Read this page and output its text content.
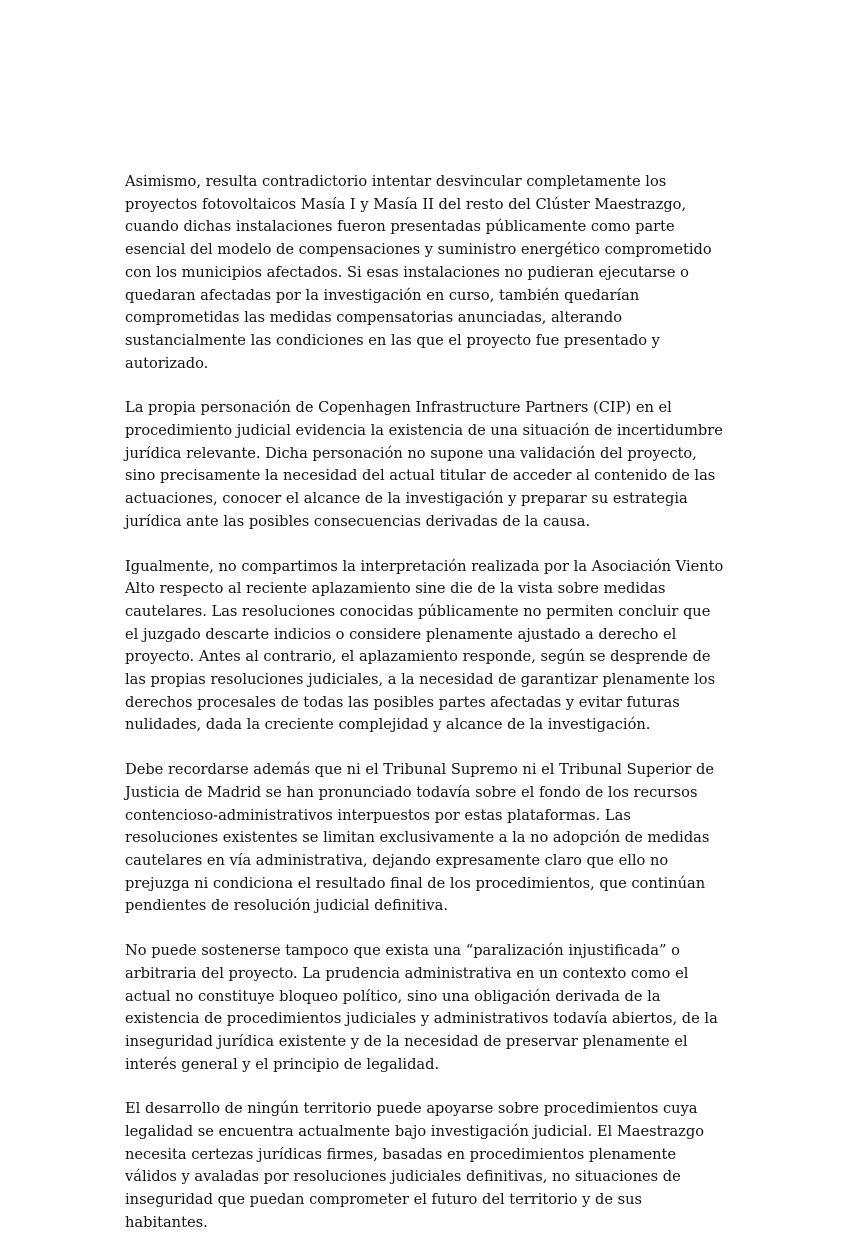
Asimismo, resulta contradictorio intentar desvincular completamente los proyectos fotovoltaicos Masía I y Masía II del resto del Clúster Maestrazgo, cuando dichas instalaciones fueron presentadas públicamente como parte esencial del modelo de compensaciones y suministro energético comprometido con los municipios afectados. Si esas instalaciones no pudieran ejecutarse o quedaran afectadas por la investigación en curso, también quedarían comprometidas las medidas compensatorias anunciadas, alterando sustancialmente las condiciones en las que el proyecto fue presentado y autorizado.

La propia personación de Copenhagen Infrastructure Partners (CIP) en el procedimiento judicial evidencia la existencia de una situación de incertidumbre jurídica relevante. Dicha personación no supone una validación del proyecto, sino precisamente la necesidad del actual titular de acceder al contenido de las actuaciones, conocer el alcance de la investigación y preparar su estrategia jurídica ante las posibles consecuencias derivadas de la causa.

Igualmente, no compartimos la interpretación realizada por la Asociación Viento Alto respecto al reciente aplazamiento sine die de la vista sobre medidas cautelares. Las resoluciones conocidas públicamente no permiten concluir que el juzgado descarte indicios o considere plenamente ajustado a derecho el proyecto. Antes al contrario, el aplazamiento responde, según se desprende de las propias resoluciones judiciales, a la necesidad de garantizar plenamente los derechos procesales de todas las posibles partes afectadas y evitar futuras nulidades, dada la creciente complejidad y alcance de la investigación.

Debe recordarse además que ni el Tribunal Supremo ni el Tribunal Superior de Justicia de Madrid se han pronunciado todavía sobre el fondo de los recursos contencioso-administrativos interpuestos por estas plataformas. Las resoluciones existentes se limitan exclusivamente a la no adopción de medidas cautelares en vía administrativa, dejando expresamente claro que ello no prejuzga ni condiciona el resultado final de los procedimientos, que continúan pendientes de resolución judicial definitiva.

No puede sostenerse tampoco que exista una “paralización injustificada” o arbitraria del proyecto. La prudencia administrativa en un contexto como el actual no constituye bloqueo político, sino una obligación derivada de la existencia de procedimientos judiciales y administrativos todavía abiertos, de la inseguridad jurídica existente y de la necesidad de preservar plenamente el interés general y el principio de legalidad.

El desarrollo de ningún territorio puede apoyarse sobre procedimientos cuya legalidad se encuentra actualmente bajo investigación judicial. El Maestrazgo necesita certezas jurídicas firmes, basadas en procedimientos plenamente válidos y avaladas por resoluciones judiciales definitivas, no situaciones de inseguridad que puedan comprometer el futuro del territorio y de sus habitantes.
